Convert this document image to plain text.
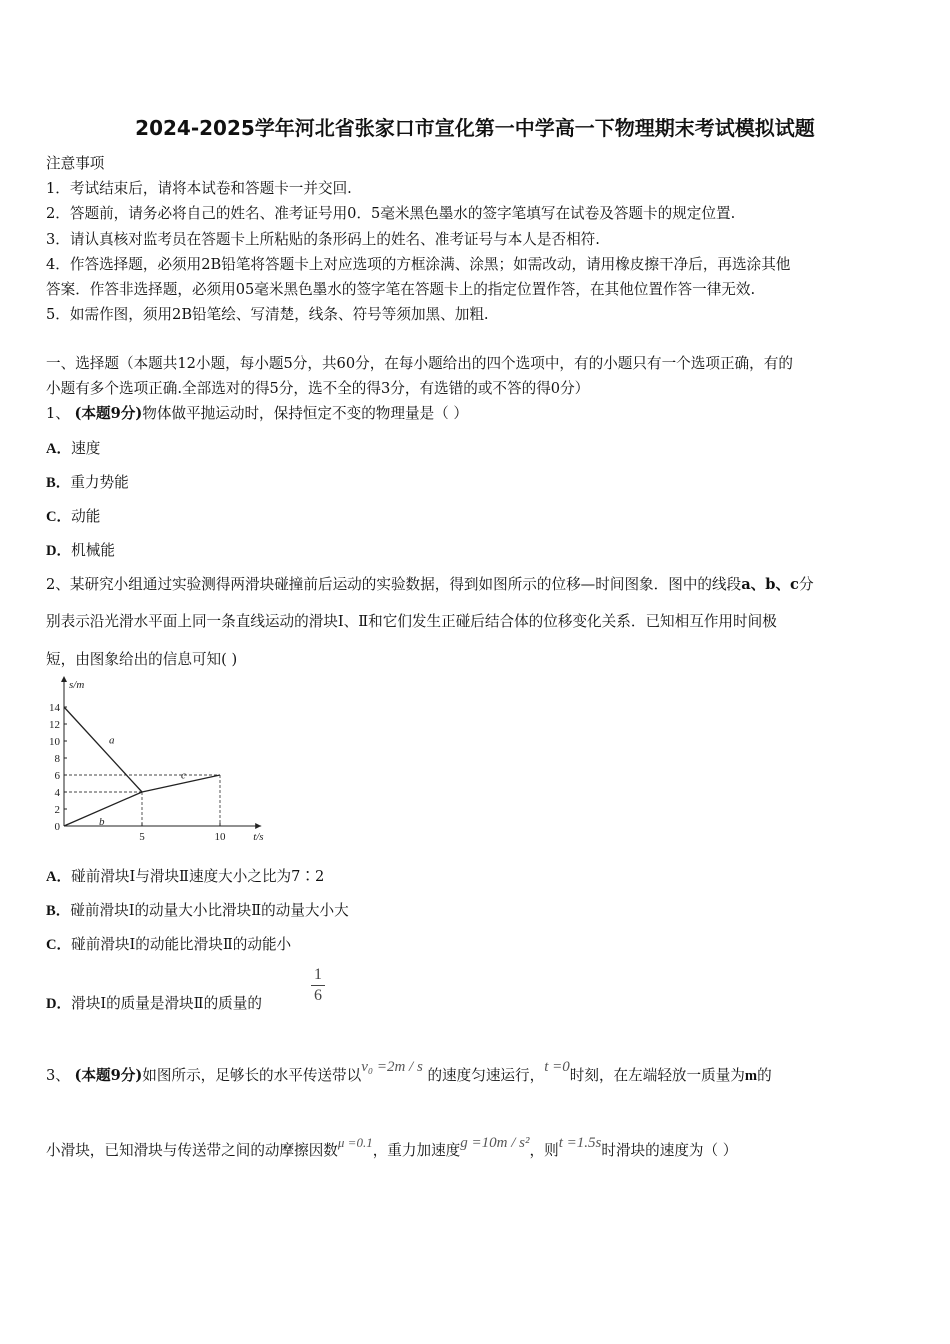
2024-2025学年河北省张家口市宣化第一中学高一下物理期末考试模拟试题
注意事项
1．考试结束后，请将本试卷和答题卡一并交回.
2．答题前，请务必将自己的姓名、准考证号用0．5毫米黑色墨水的签字笔填写在试卷及答题卡的规定位置.
3．请认真核对监考员在答题卡上所粘贴的条形码上的姓名、准考证号与本人是否相符.
4．作答选择题，必须用2B铅笔将答题卡上对应选项的方框涂满、涂黑；如需改动，请用橡皮擦干净后，再选涂其他
答案．作答非选择题，必须用05毫米黑色墨水的签字笔在答题卡上的指定位置作答，在其他位置作答一律无效.
5．如需作图，须用2B铅笔绘、写清楚，线条、符号等须加黑、加粗.
一、选择题（本题共12小题，每小题5分，共60分，在每小题给出的四个选项中，有的小题只有一个选项正确，有的
小题有多个选项正确.全部选对的得5分，选不全的得3分，有选错的或不答的得0分）
1、 (本题9分)物体做平抛运动时，保持恒定不变的物理量是（ ）
A．速度
B．重力势能
C．动能
D．机械能
2、某研究小组通过实验测得两滑块碰撞前后运动的实验数据，得到如图所示的位移—时间图象．图中的线段a、b、c分
别表示沿光滑水平面上同一条直线运动的滑块Ⅰ、Ⅱ和它们发生正碰后结合体的位移变化关系．已知相互作用时间极
短，由图象给出的信息可知( )
0
2
4
6
8
10
12
14
5	10
s/m
t/s
a
b
c
A．碰前滑块Ⅰ与滑块Ⅱ速度大小之比为7∶2
B．碰前滑块Ⅰ的动量大小比滑块Ⅱ的动量大小大
C．碰前滑块Ⅰ的动能比滑块Ⅱ的动能小
D．滑块Ⅰ的质量是滑块Ⅱ的质量的
1
6
3、 (本题9分)如图所示，足够长的水平传送带以v₀ =2m / s 的速度匀速运行，t =0时刻，在左端轻放一质量为m的
小滑块，已知滑块与传送带之间的动摩擦因数μ =0.1，重力加速度g =10m / s²，则t =1.5s时滑块的速度为（ ）
